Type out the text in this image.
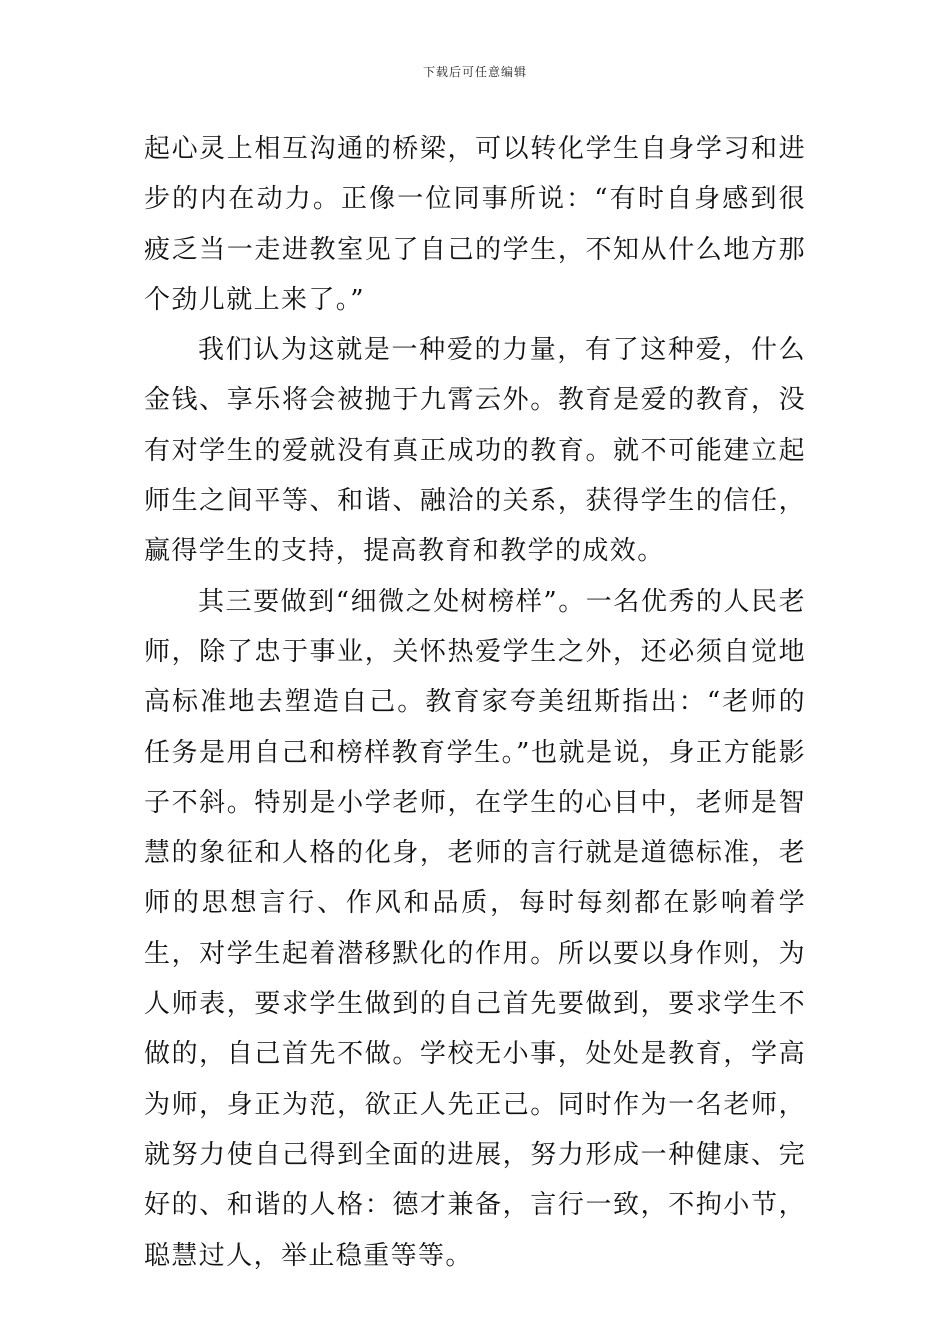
下载后可任意编辑

起心灵上相互沟通的桥梁，可以转化学生自身学习和进步的内在动力。正像一位同事所说：“有时自身感到很疲乏当一走进教室见了自己的学生，不知从什么地方那个劲儿就上来了。”

我们认为这就是一种爱的力量，有了这种爱，什么金钱、享乐将会被抛于九霄云外。教育是爱的教育，没有对学生的爱就没有真正成功的教育。就不可能建立起师生之间平等、和谐、融洽的关系，获得学生的信任，赢得学生的支持，提高教育和教学的成效。

其三要做到“细微之处树榜样”。一名优秀的人民老师，除了忠于事业，关怀热爱学生之外，还必须自觉地高标准地去塑造自己。教育家夸美纽斯指出：“老师的任务是用自己和榜样教育学生。”也就是说，身正方能影子不斜。特别是小学老师，在学生的心目中，老师是智慧的象征和人格的化身，老师的言行就是道德标准，老师的思想言行、作风和品质，每时每刻都在影响着学生，对学生起着潜移默化的作用。所以要以身作则，为人师表，要求学生做到的自己首先要做到，要求学生不做的，自己首先不做。学校无小事，处处是教育，学高为师，身正为范，欲正人先正己。同时作为一名老师，就努力使自己得到全面的进展，努力形成一种健康、完好的、和谐的人格：德才兼备，言行一致，不拘小节，聪慧过人，举止稳重等等。
